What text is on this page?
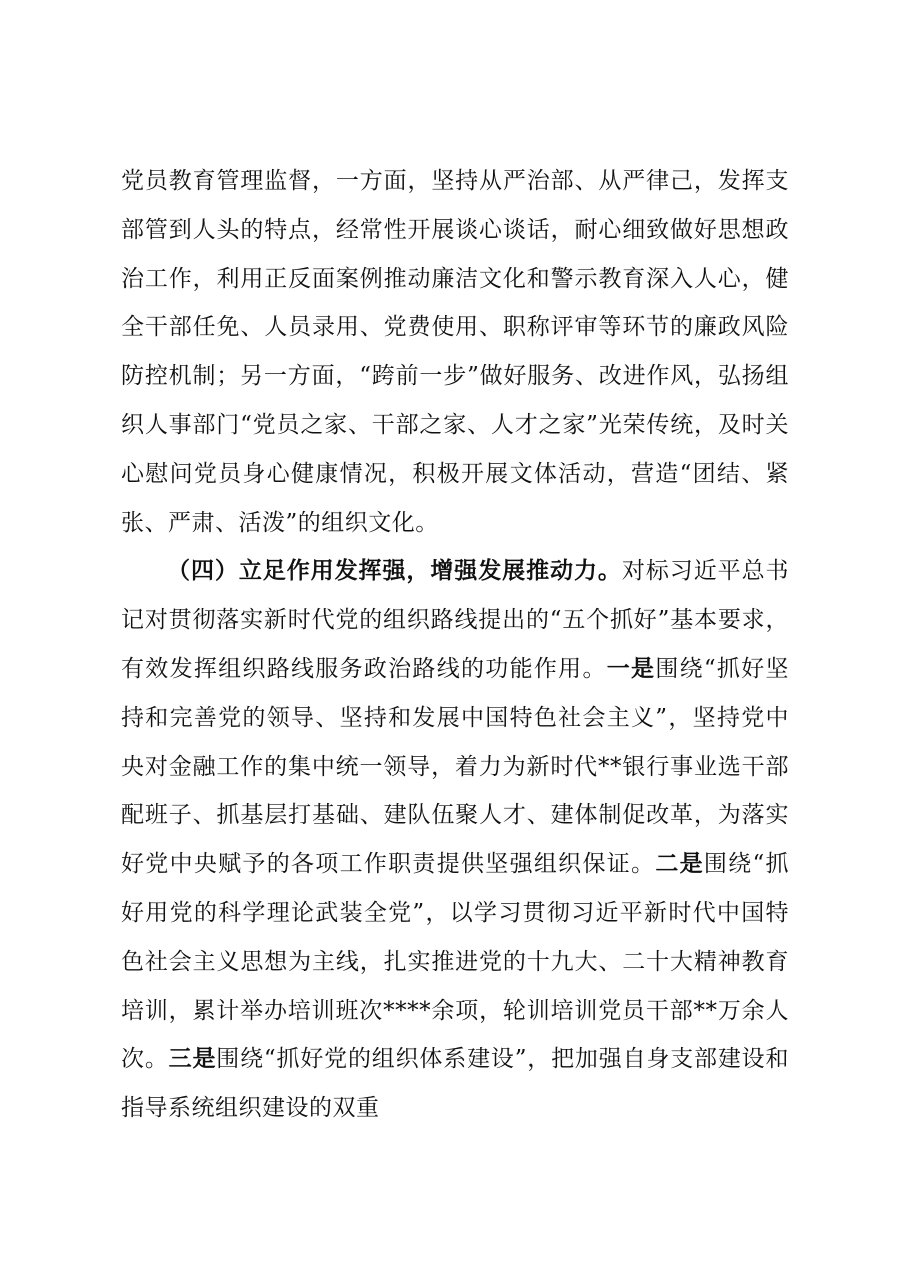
党员教育管理监督，一方面，坚持从严治部、从严律己，发挥支部管到人头的特点，经常性开展谈心谈话，耐心细致做好思想政治工作，利用正反面案例推动廉洁文化和警示教育深入人心，健全干部任免、人员录用、党费使用、职称评审等环节的廉政风险防控机制；另一方面，“跨前一步”做好服务、改进作风，弘扬组织人事部门“党员之家、干部之家、人才之家”光荣传统，及时关心慰问党员身心健康情况，积极开展文体活动，营造“团结、紧张、严肃、活泼”的组织文化。

（四）立足作用发挥强，增强发展推动力。对标习近平总书记对贯彻落实新时代党的组织路线提出的“五个抓好”基本要求，有效发挥组织路线服务政治路线的功能作用。一是围绕“抓好坚持和完善党的领导、坚持和发展中国特色社会主义”，坚持党中央对金融工作的集中统一领导，着力为新时代**银行事业选干部配班子、抓基层打基础、建队伍聚人才、建体制促改革，为落实好党中央赋予的各项工作职责提供坚强组织保证。二是围绕“抓好用党的科学理论武装全党”，以学习贯彻习近平新时代中国特色社会主义思想为主线，扎实推进党的十九大、二十大精神教育培训，累计举办培训班次****余项，轮训培训党员干部**万余人次。三是围绕“抓好党的组织体系建设”，把加强自身支部建设和指导系统组织建设的双重
